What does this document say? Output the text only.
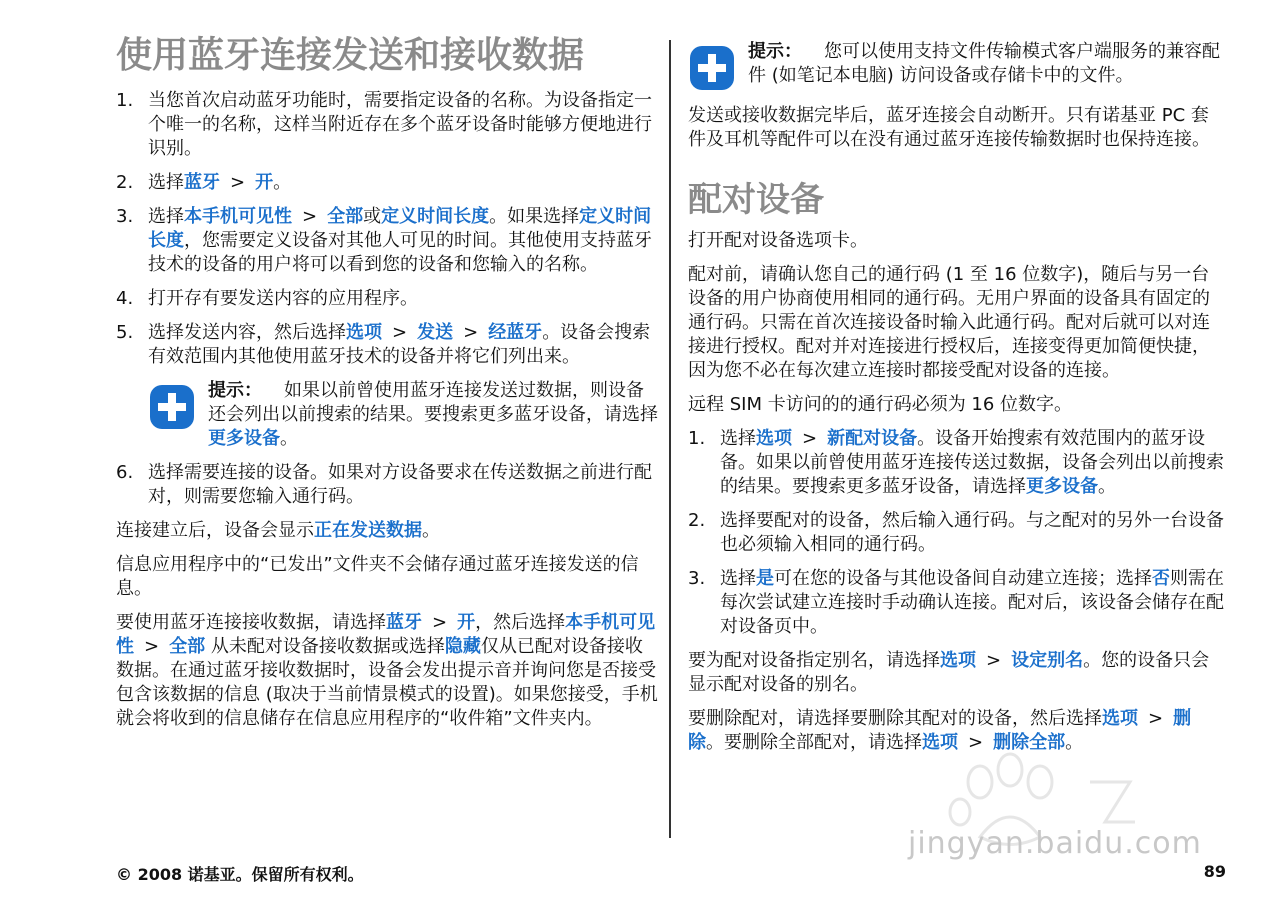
使用蓝牙连接发送和接收数据
1. 当您首次启动蓝牙功能时，需要指定设备的名称。为设备指定一个唯一的名称，这样当附近存在多个蓝牙设备时能够方便地进行识别。
2. 选择蓝牙 > 开。
3. 选择本手机可见性 > 全部或定义时间长度。如果选择定义时间长度，您需要定义设备对其他人可见的时间。其他使用支持蓝牙技术的设备的用户将可以看到您的设备和您输入的名称。
4. 打开存有要发送内容的应用程序。
5. 选择发送内容，然后选择选项 > 发送 > 经蓝牙。设备会搜索有效范围内其他使用蓝牙技术的设备并将它们列出来。
提示： 如果以前曾使用蓝牙连接发送过数据，则设备还会列出以前搜索的结果。要搜索更多蓝牙设备，请选择更多设备。
6. 选择需要连接的设备。如果对方设备要求在传送数据之前进行配对，则需要您输入通行码。

连接建立后，设备会显示正在发送数据。

信息应用程序中的“已发出”文件夹不会储存通过蓝牙连接发送的信息。

要使用蓝牙连接接收数据，请选择蓝牙 > 开，然后选择本手机可见性 > 全部 从未配对设备接收数据或选择隐藏仅从已配对设备接收数据。在通过蓝牙接收数据时，设备会发出提示音并询问您是否接受包含该数据的信息 (取决于当前情景模式的设置)。如果您接受，手机就会将收到的信息储存在信息应用程序的“收件箱”文件夹内。

提示： 您可以使用支持文件传输模式客户端服务的兼容配件 (如笔记本电脑) 访问设备或存储卡中的文件。

发送或接收数据完毕后，蓝牙连接会自动断开。只有诺基亚 PC 套件及耳机等配件可以在没有通过蓝牙连接传输数据时也保持连接。

配对设备

打开配对设备选项卡。

配对前，请确认您自己的通行码 (1 至 16 位数字)，随后与另一台设备的用户协商使用相同的通行码。无用户界面的设备具有固定的通行码。只需在首次连接设备时输入此通行码。配对后就可以对连接进行授权。配对并对连接进行授权后，连接变得更加简便快捷，因为您不必在每次建立连接时都接受配对设备的连接。

远程 SIM 卡访问的的通行码必须为 16 位数字。

1. 选择选项 > 新配对设备。设备开始搜索有效范围内的蓝牙设备。如果以前曾使用蓝牙连接传送过数据，设备会列出以前搜索的结果。要搜索更多蓝牙设备，请选择更多设备。
2. 选择要配对的设备，然后输入通行码。与之配对的另外一台设备也必须输入相同的通行码。
3. 选择是可在您的设备与其他设备间自动建立连接；选择否则需在每次尝试建立连接时手动确认连接。配对后，该设备会储存在配对设备页中。

要为配对设备指定别名，请选择选项 > 设定别名。您的设备只会显示配对设备的别名。

要删除配对，请选择要删除其配对的设备，然后选择选项 > 删除。要删除全部配对，请选择选项 > 删除全部。

jingyan.baidu.com
© 2008 诺基亚。保留所有权利。	89
